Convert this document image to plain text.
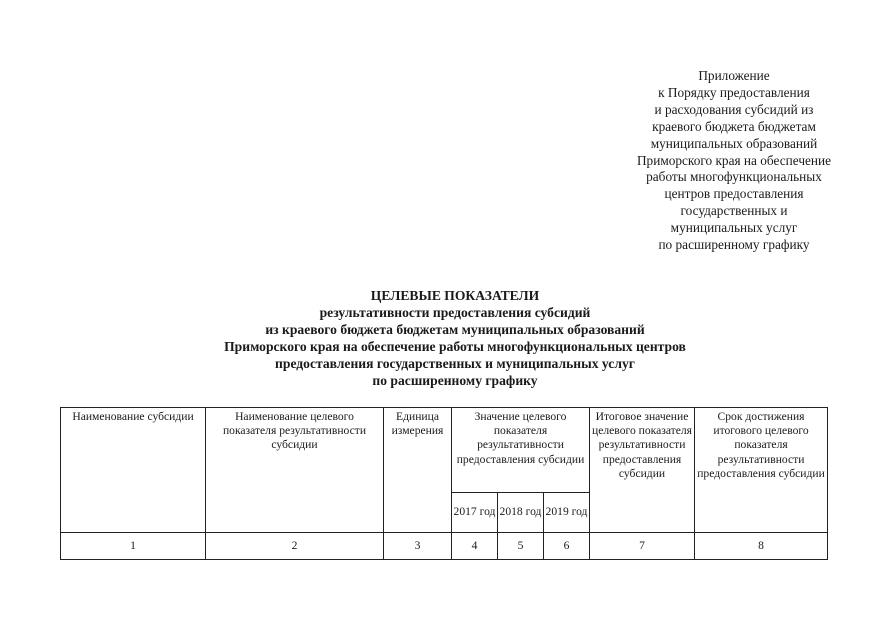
Приложение
к Порядку предоставления
и расходования субсидий из
краевого бюджета бюджетам
муниципальных образований
Приморского края на обеспечение
работы многофункциональных
центров предоставления
государственных и
муниципальных услуг
по расширенному графику
ЦЕЛЕВЫЕ ПОКАЗАТЕЛИ
результативности предоставления субсидий
из краевого бюджета бюджетам муниципальных образований
Приморского края на обеспечение работы многофункциональных центров
предоставления государственных и муниципальных услуг
по расширенному графику
Наименование субсидии	Наименование целевого показателя результативности субсидии	Единица измерения	Значение целевого показателя результативности предоставления субсидии			Итоговое значение целевого показателя результативности предоставления субсидии	Срок достижения итогового целевого показателя результативности предоставления субсидии
			2017 год	2018 год	2019 год		
1	2	3	4	5	6	7	8
